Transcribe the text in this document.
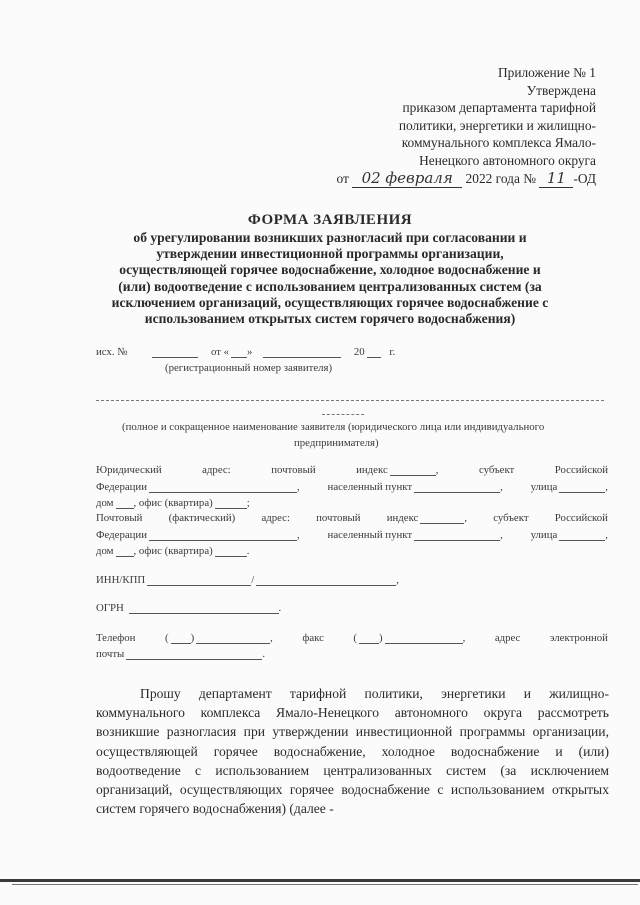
Приложение № 1
Утверждена
приказом департамента тарифной
политики, энергетики и жилищно-
коммунального комплекса Ямало-
Ненецкого автономного округа
от 02 февраля 2022 года № 11 -ОД
ФОРМА ЗАЯВЛЕНИЯ
об урегулировании возникших разногласий при согласовании и
утверждении инвестиционной программы организации,
осуществляющей горячее водоснабжение, холодное водоснабжение и
(или) водоотведение с использованием централизованных систем (за
исключением организаций, осуществляющих горячее водоснабжение с
использованием открытых систем горячего водоснабжения)
исх. №	от « »	20 г.
(регистрационный номер заявителя)
(полное и сокращенное наименование заявителя (юридического лица или индивидуального
предпринимателя)
Юридический	адрес:	почтовый	индекс	,	субъект	Российской
Федерации	,	населенный пункт	,	улица	,
дом , офис (квартира)	;
Почтовый (фактический) адрес: почтовый индекс	, субъект Российской
Федерации	,	населенный пункт	,	улица	,
дом , офис (квартира)	.
ИНН/КПП	/	,
ОГРН	.
Телефон	( )	,	факс	( )	,	адрес	электронной
почты	.

Прошу департамент тарифной политики, энергетики и жилищно-коммунального комплекса Ямало-Ненецкого автономного округа рассмотреть возникшие разногласия при утверждении инвестиционной программы организации, осуществляющей горячее водоснабжение, холодное водоснабжение и (или) водоотведение с использованием централизованных систем (за исключением организаций, осуществляющих горячее водоснабжение с использованием открытых систем горячего водоснабжения) (далее -
